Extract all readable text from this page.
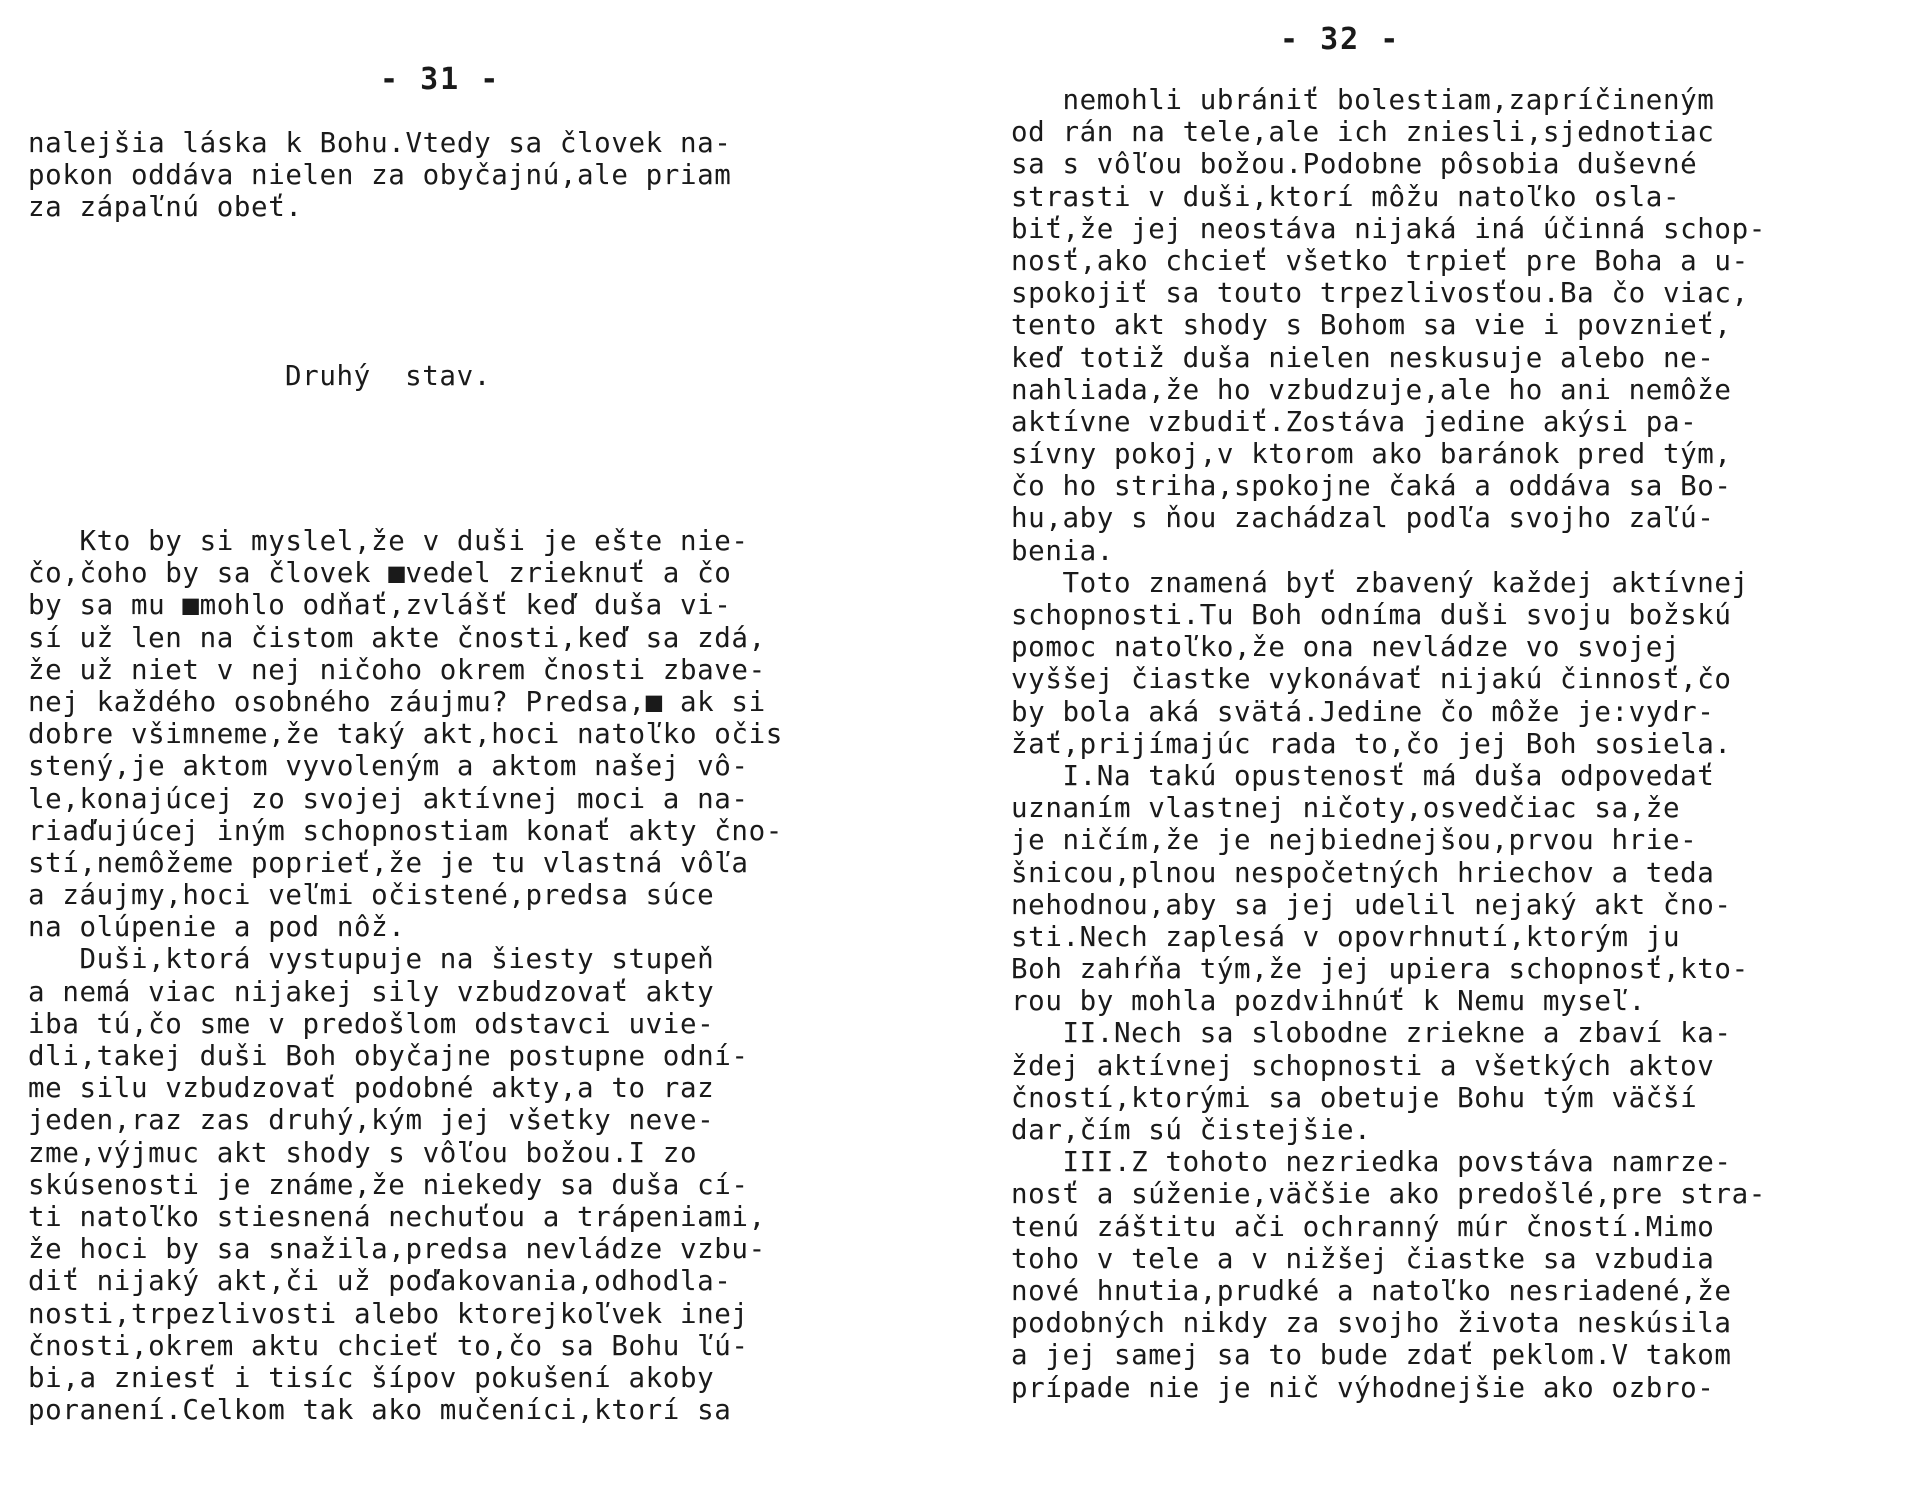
- 31 -
nalejšia láska k Bohu.Vtedy sa človek na-
pokon oddáva nielen za obyčajnú,ale priam
za zápaľnú obeť.
Druhý  stav.
Kto by si myslel,že v duši je ešte nie-
čo,čoho by sa človek ■vedel zrieknuť a čo
by sa mu ■mohlo odňať,zvlášť keď duša vi-
sí už len na čistom akte čnosti,keď sa zdá,
že už niet v nej ničoho okrem čnosti zbave-
nej každého osobného záujmu? Predsa,■ ak si
dobre všimneme,že taký akt,hoci natoľko očis
stený,je aktom vyvoleným a aktom našej vô-
le,konajúcej zo svojej aktívnej moci a na-
riaďujúcej iným schopnostiam konať akty čno-
stí,nemôžeme poprieť,že je tu vlastná vôľa
a záujmy,hoci veľmi očistené,predsa súce
na olúpenie a pod nôž.
Duši,ktorá vystupuje na šiesty stupeň
a nemá viac nijakej sily vzbudzovať akty
iba tú,čo sme v predošlom odstavci uvie-
dli,takej duši Boh obyčajne postupne odní-
me silu vzbudzovať podobné akty,a to raz
jeden,raz zas druhý,kým jej všetky neve-
zme,výjmuc akt shody s vôľou božou.I zo
skúsenosti je známe,že niekedy sa duša cí-
ti natoľko stiesnená nechuťou a trápeniami,
že hoci by sa snažila,predsa nevládze vzbu-
diť nijaký akt,či už poďakovania,odhodla-
nosti,trpezlivosti alebo ktorejkoľvek inej
čnosti,okrem aktu chcieť to,čo sa Bohu ľú-
bi,a zniesť i tisíc šípov pokušení akoby
poranení.Celkom tak ako mučeníci,ktorí sa
- 32 -
nemohli ubrániť bolestiam,zapríčineným
od rán na tele,ale ich zniesli,sjednotiac
sa s vôľou božou.Podobne pôsobia duševné
strasti v duši,ktorí môžu natoľko osla-
biť,že jej neostáva nijaká iná účinná schop-
nosť,ako chcieť všetko trpieť pre Boha a u-
spokojiť sa touto trpezlivosťou.Ba čo viac,
tento akt shody s Bohom sa vie i povznieť,
keď totiž duša nielen neskusuje alebo ne-
nahliada,že ho vzbudzuje,ale ho ani nemôže
aktívne vzbudiť.Zostáva jedine akýsi pa-
sívny pokoj,v ktorom ako baránok pred tým,
čo ho striha,spokojne čaká a oddáva sa Bo-
hu,aby s ňou zachádzal podľa svojho zaľú-
benia.
Toto znamená byť zbavený každej aktívnej
schopnosti.Tu Boh odníma duši svoju božskú
pomoc natoľko,že ona nevládze vo svojej
vyššej čiastke vykonávať nijakú činnosť,čo
by bola aká svätá.Jedine čo môže je:vydr-
žať,prijímajúc rada to,čo jej Boh sosiela.
I.Na takú opustenosť má duša odpovedať
uznaním vlastnej ničoty,osvedčiac sa,že
je ničím,že je nejbiednejšou,prvou hrie-
šnicou,plnou nespočetných hriechov a teda
nehodnou,aby sa jej udelil nejaký akt čno-
sti.Nech zaplesá v opovrhnutí,ktorým ju
Boh zahŕňa tým,že jej upiera schopnosť,kto-
rou by mohla pozdvihnúť k Nemu myseľ.
II.Nech sa slobodne zriekne a zbaví ka-
ždej aktívnej schopnosti a všetkých aktov
čností,ktorými sa obetuje Bohu tým väčší
dar,čím sú čistejšie.
III.Z tohoto nezriedka povstáva namrze-
nosť a súženie,väčšie ako predošlé,pre stra-
tenú záštitu ači ochranný múr čností.Mimo
toho v tele a v nižšej čiastke sa vzbudia
nové hnutia,prudké a natoľko nesriadené,že
podobných nikdy za svojho života neskúsila
a jej samej sa to bude zdať peklom.V takom
prípade nie je nič výhodnejšie ako ozbro-
